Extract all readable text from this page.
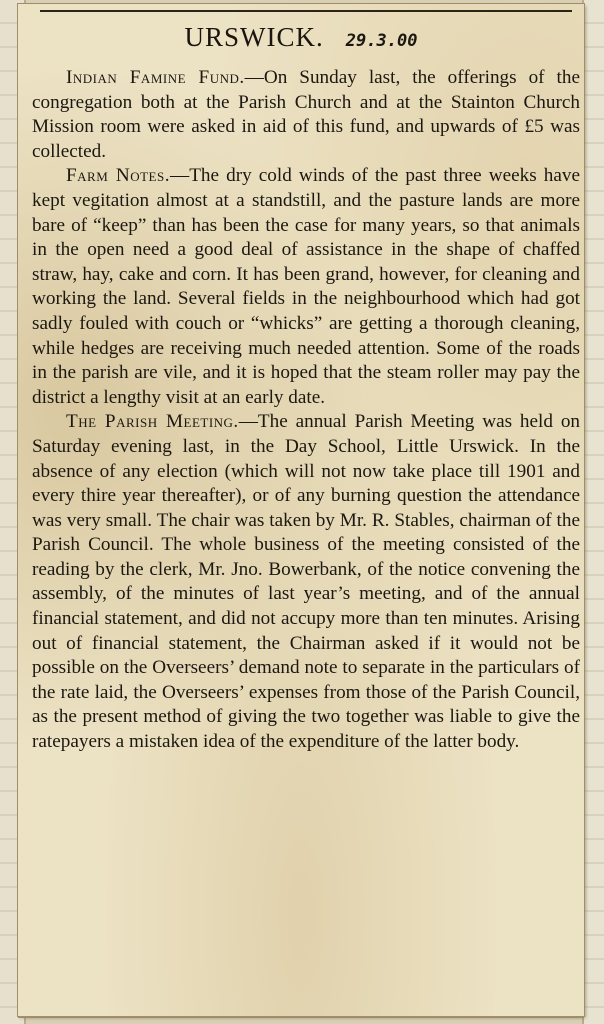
URSWICK. 29.3.00

Indian Famine Fund.—On Sunday last, the offerings of the congregation both at the Parish Church and at the Stainton Church Mission room were asked in aid of this fund, and upwards of £5 was collected.

Farm Notes.—The dry cold winds of the past three weeks have kept vegitation almost at a standstill, and the pasture lands are more bare of “keep” than has been the case for many years, so that animals in the open need a good deal of assistance in the shape of chaffed straw, hay, cake and corn. It has been grand, however, for cleaning and working the land. Several fields in the neighbourhood which had got sadly fouled with couch or “whicks” are getting a thorough cleaning, while hedges are receiving much needed attention. Some of the roads in the parish are vile, and it is hoped that the steam roller may pay the district a lengthy visit at an early date.

The Parish Meeting.—The annual Parish Meeting was held on Saturday evening last, in the Day School, Little Urswick. In the absence of any election (which will not now take place till 1901 and every thire year thereafter), or of any burning question the attendance was very small. The chair was taken by Mr. R. Stables, chairman of the Parish Council. The whole business of the meeting consisted of the reading by the clerk, Mr. Jno. Bowerbank, of the notice convening the assembly, of the minutes of last year’s meeting, and of the annual financial statement, and did not accupy more than ten minutes. Arising out of financial statement, the Chairman asked if it would not be possible on the Overseers’ demand note to separate in the particulars of the rate laid, the Overseers’ expenses from those of the Parish Council, as the present method of giving the two together was liable to give the ratepayers a mistaken idea of the expenditure of the latter body.
